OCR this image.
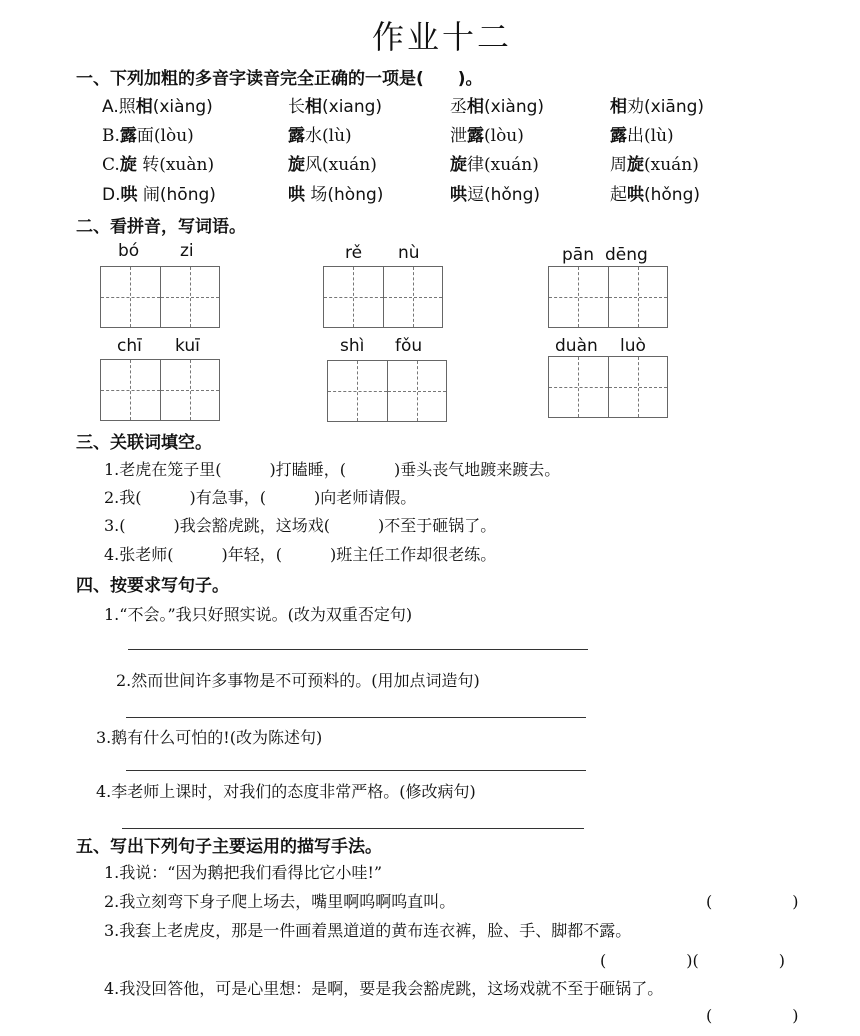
作业十二
一、下列加粗的多音字读音完全正确的一项是(　　)。
A.照相(xiàng)	长相(xiang)	丞相(xiàng)	相劝(xiāng)
B.露面(lòu)	露水(lù)	泄露(lòu)	露出(lù)
C.旋 转(xuàn)	旋风(xuán)	旋律(xuán)	周旋(xuán)
D.哄 闹(hōng)	哄 场(hòng)	哄逗(hǒng)	起哄(hǒng)
二、看拼音，写词语。
bó zi	rě nù	pān dēng
chī kuī	shì fǒu	duàn luò
三、关联词填空。
1.老虎在笼子里(　　　)打瞌睡，(　　　)垂头丧气地踱来踱去。
2.我(　　　)有急事，(　　　)向老师请假。
3.(　　　)我会豁虎跳，这场戏(　　　)不至于砸锅了。
4.张老师(　　　)年轻，(　　　)班主任工作却很老练。
四、按要求写句子。
1.“不会。”我只好照实说。(改为双重否定句)
2.然而世间许多事物是不可预料的。(用加点词造句)
3.鹅有什么可怕的!(改为陈述句)
4.李老师上课时，对我们的态度非常严格。(修改病句)
五、写出下列句子主要运用的描写手法。
1.我说：“因为鹅把我们看得比它小哇!”
2.我立刻弯下身子爬上场去，嘴里啊呜啊呜直叫。	(　　　　　)
3.我套上老虎皮，那是一件画着黑道道的黄布连衣裤，脸、手、脚都不露。
(　　　　　)(　　　　　)
4.我没回答他，可是心里想：是啊，要是我会豁虎跳，这场戏就不至于砸锅了。
(　　　　　)
